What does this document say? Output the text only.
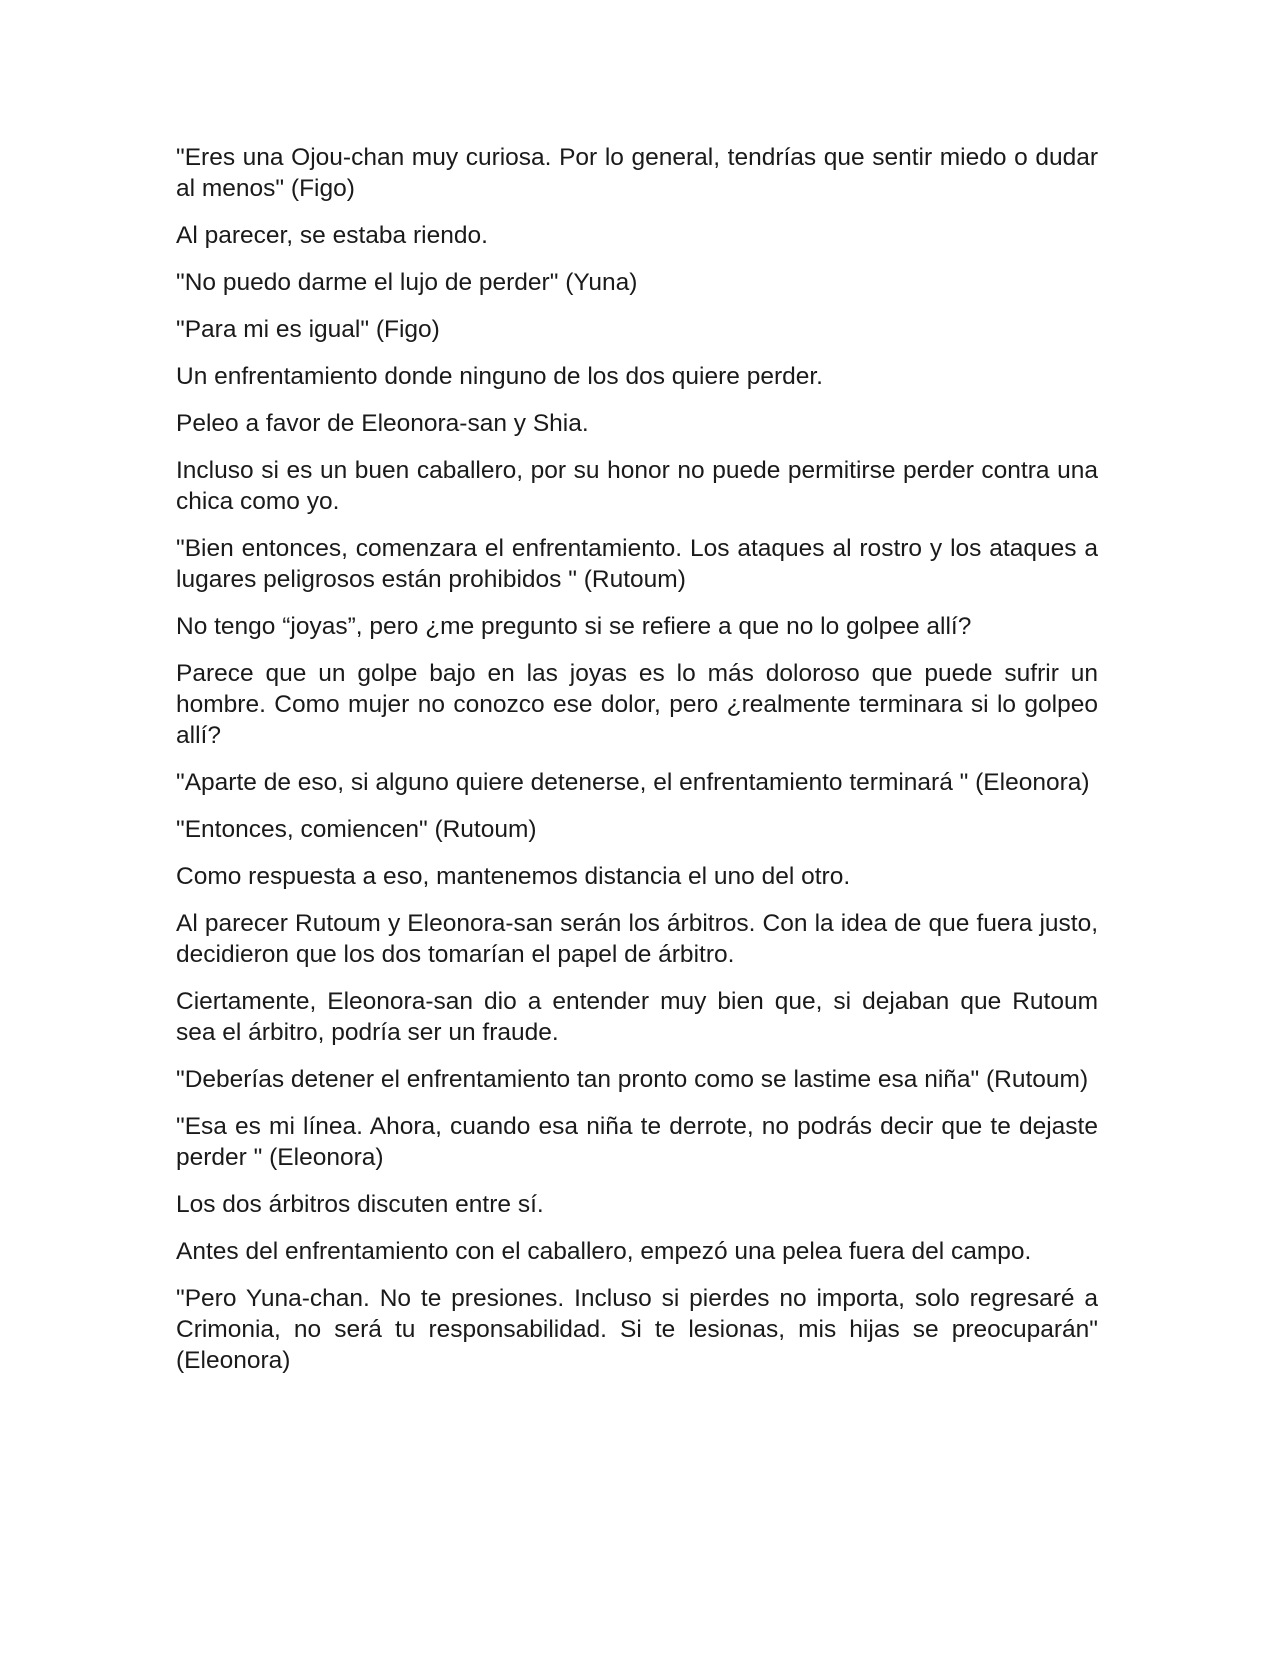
"Eres una Ojou-chan muy curiosa. Por lo general, tendrías que sentir miedo o dudar al menos" (Figo)

Al parecer, se estaba riendo.

"No puedo darme el lujo de perder" (Yuna)

"Para mi es igual" (Figo)

Un enfrentamiento donde ninguno de los dos quiere perder.

Peleo a favor de Eleonora-san y Shia.

Incluso si es un buen caballero, por su honor no puede permitirse perder contra una chica como yo.

"Bien entonces, comenzara el enfrentamiento. Los ataques al rostro y los ataques a lugares peligrosos están prohibidos " (Rutoum)

No tengo “joyas”, pero ¿me pregunto si se refiere a que no lo golpee allí?

Parece que un golpe bajo en las joyas es lo más doloroso que puede sufrir un hombre. Como mujer no conozco ese dolor, pero ¿realmente terminara si lo golpeo allí?

"Aparte de eso, si alguno quiere detenerse, el enfrentamiento terminará " (Eleonora)

"Entonces, comiencen" (Rutoum)

Como respuesta a eso, mantenemos distancia el uno del otro.

Al parecer Rutoum y Eleonora-san serán los árbitros. Con la idea de que fuera justo, decidieron que los dos tomarían el papel de árbitro.

Ciertamente, Eleonora-san dio a entender muy bien que, si dejaban que Rutoum sea el árbitro, podría ser un fraude.

"Deberías detener el enfrentamiento tan pronto como se lastime esa niña" (Rutoum)

"Esa es mi línea. Ahora, cuando esa niña te derrote, no podrás decir que te dejaste perder " (Eleonora)

Los dos árbitros discuten entre sí.

Antes del enfrentamiento con el caballero, empezó una pelea fuera del campo.

"Pero Yuna-chan. No te presiones. Incluso si pierdes no importa, solo regresaré a Crimonia, no será tu responsabilidad. Si te lesionas, mis hijas se preocuparán" (Eleonora)
